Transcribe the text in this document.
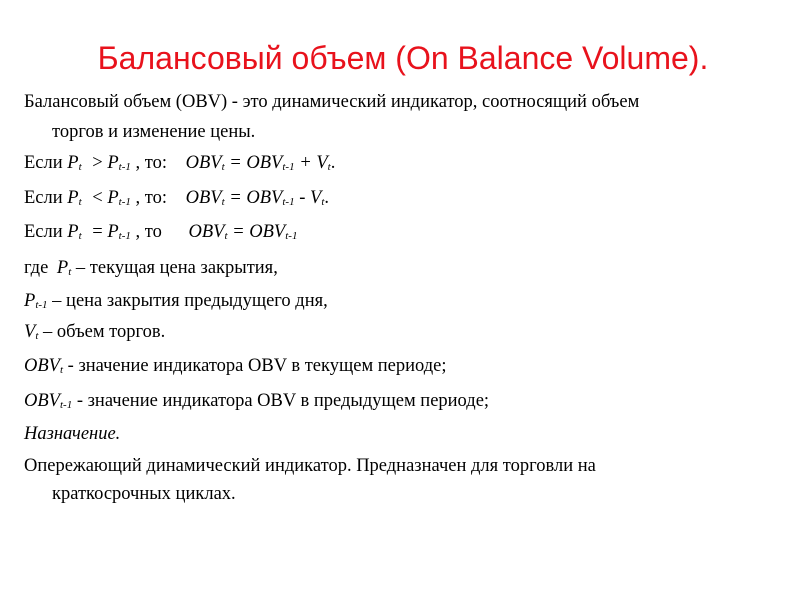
Балансовый объем (On Balance Volume).
Балансовый объем (OBV) - это динамический индикатор, соотносящий объем
торгов и изменение цены.
Если $P_t > P_{t-1}$ , то: $OBV_t = OBV_{t-1} + V_t$.
Если $P_t < P_{t-1}$ , то: $OBV_t = OBV_{t-1} - V_t$.
Если $P_t = P_{t-1}$ , то $OBV_t = OBV_{t-1}$
где $P_t$ – текущая цена закрытия,
$P_{t-1}$ – цена закрытия предыдущего дня,
$V_t$ – объем торгов.
$OBV_t$ - значение индикатора OBV в текущем периоде;
$OBV_{t-1}$ - значение индикатора OBV в предыдущем периоде;
Назначение.
Опережающий динамический индикатор. Предназначен для торговли на
краткосрочных циклах.
